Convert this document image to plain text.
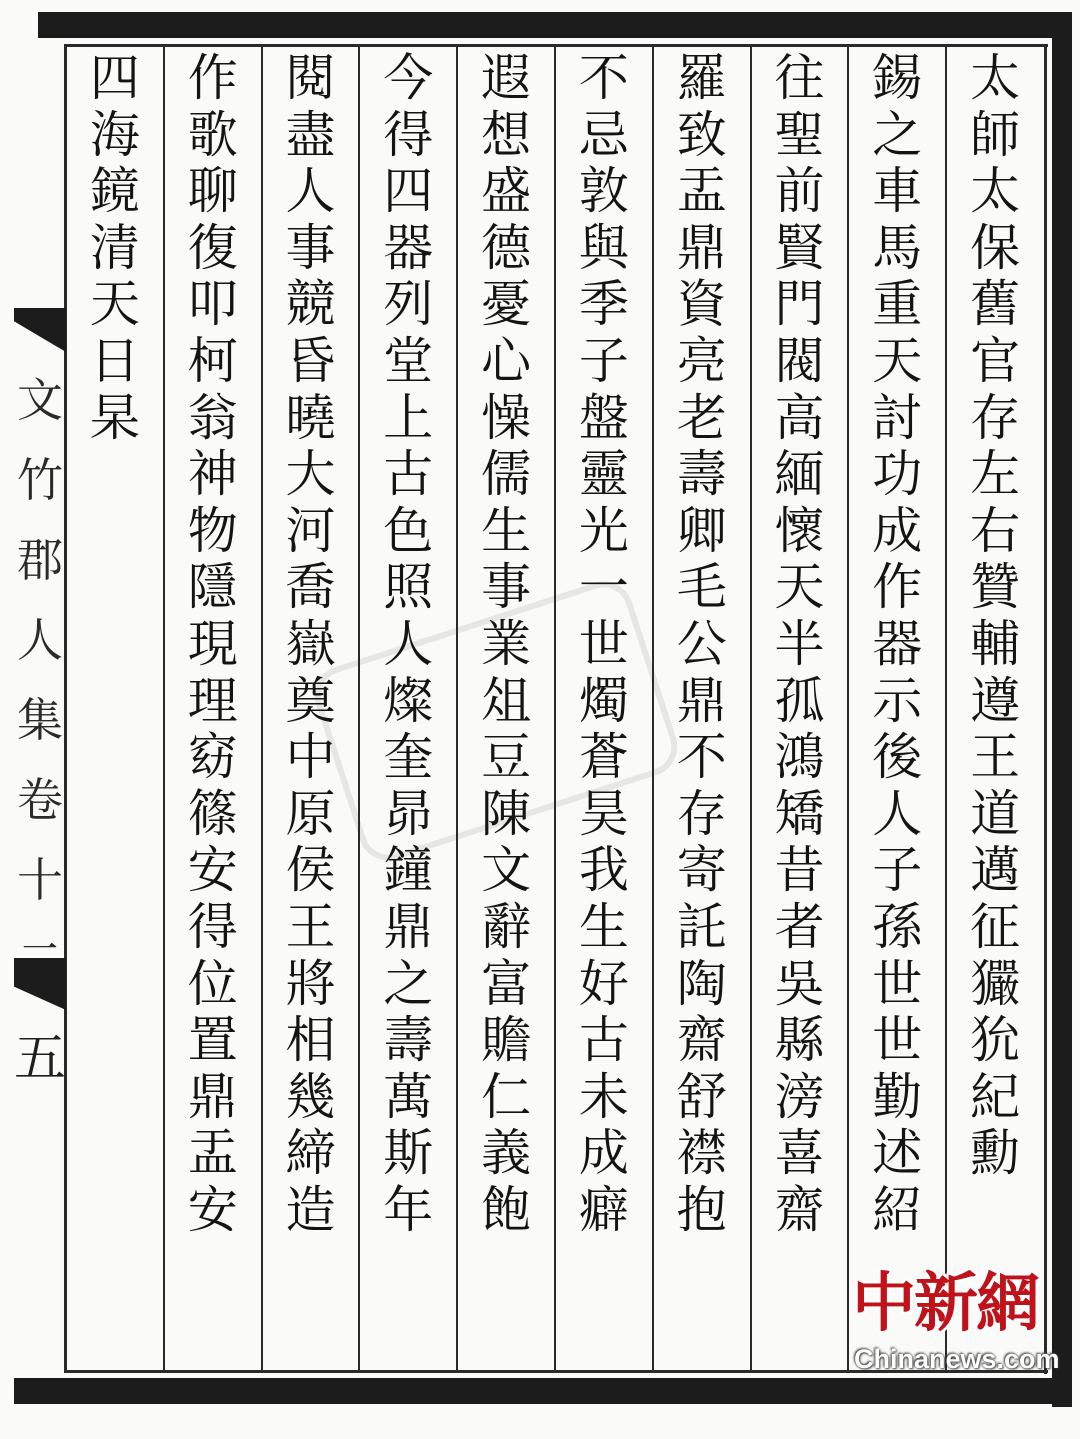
太
師
太
保
舊
官
存
左
右
贊
輔
遵
王
道
邁
征
玁
狁
紀
勳
錫
之
車
馬
重
天
討
功
成
作
器
示
後
人
子
孫
世
世
勤
述
紹
往
聖
前
賢
門
閥
高
緬
懷
天
半
孤
鴻
矯
昔
者
吳
縣
滂
喜
齋
羅
致
盂
鼎
資
亮
老
壽
卿
毛
公
鼎
不
存
寄
託
陶
齋
舒
襟
抱
不
忌
敦
與
季
子
盤
靈
光
一
世
燭
蒼
昊
我
生
好
古
未
成
癖
遐
想
盛
德
憂
心
懆
儒
生
事
業
俎
豆
陳
文
辭
富
贍
仁
義
飽
今
得
四
器
列
堂
上
古
色
照
人
燦
奎
昴
鐘
鼎
之
壽
萬
斯
年
閱
盡
人
事
競
昏
曉
大
河
喬
嶽
奠
中
原
侯
王
將
相
幾
締
造
作
歌
聊
復
叩
柯
翁
神
物
隱
現
理
窈
篠
安
得
位
置
鼎
盂
安
四
海
鏡
清
天
日
杲
文
竹
郡
人
集
卷
十
五
中新網
Chinanews.com
